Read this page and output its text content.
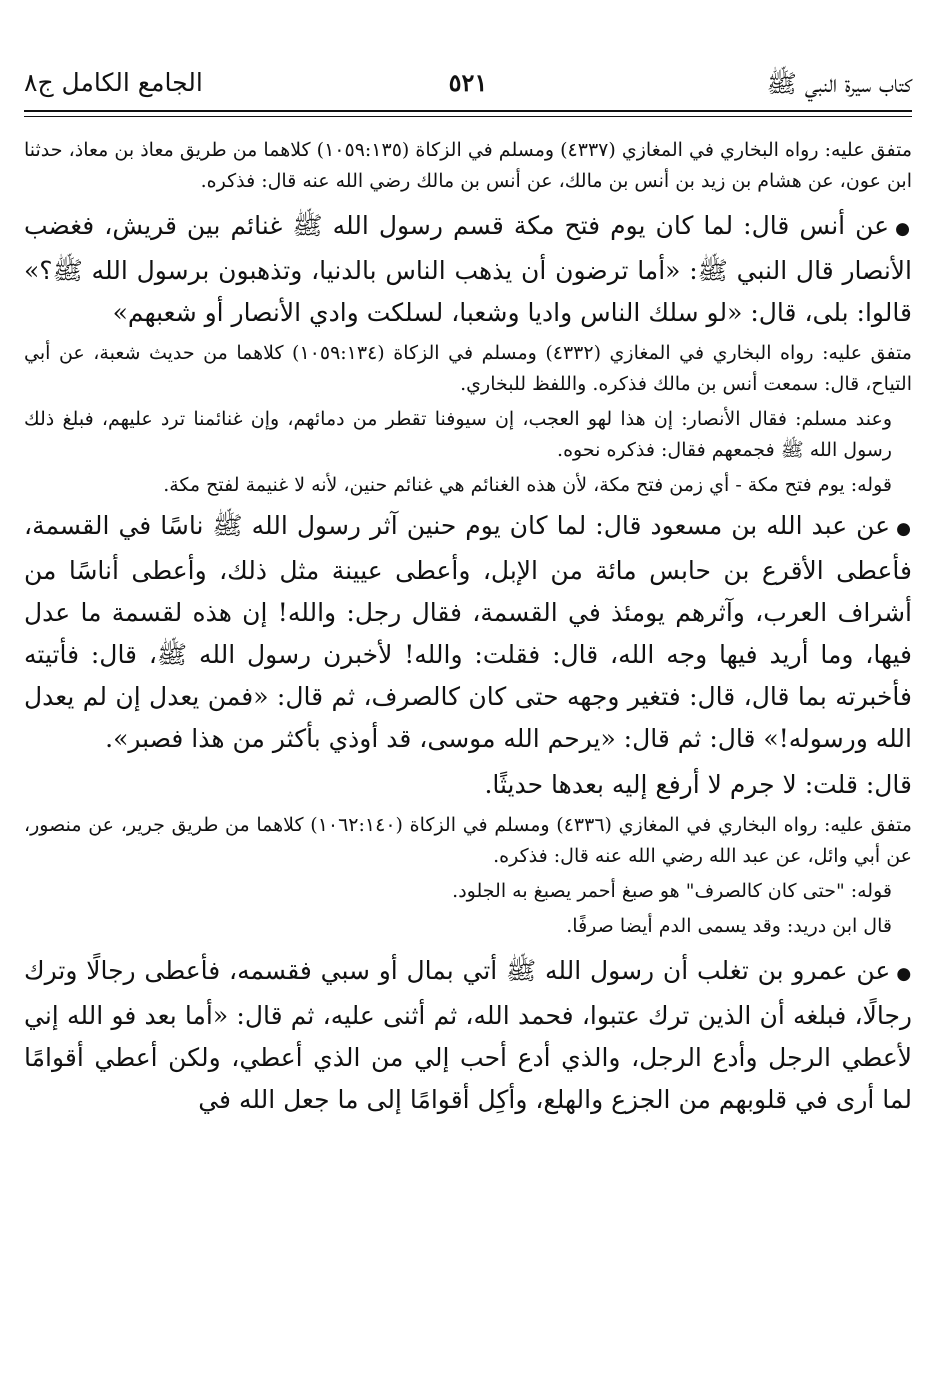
كتاب سيرة النبي ﷺ
٥٢١
الجامع الكامل ج٨

متفق عليه: رواه البخاري في المغازي (٤٣٣٧) ومسلم في الزكاة (١٠٥٩:١٣٥) كلاهما من طريق معاذ بن معاذ، حدثنا ابن عون، عن هشام بن زيد بن أنس بن مالك، عن أنس بن مالك رضي الله عنه قال: فذكره.

●عن أنس قال: لما كان يوم فتح مكة قسم رسول الله ﷺ غنائم بين قريش، فغضب الأنصار قال النبي ﷺ: «أما ترضون أن يذهب الناس بالدنيا، وتذهبون برسول الله ﷺ؟» قالوا: بلى، قال: «لو سلك الناس واديا وشعبا، لسلكت وادي الأنصار أو شعبهم»

متفق عليه: رواه البخاري في المغازي (٤٣٣٢) ومسلم في الزكاة (١٠٥٩:١٣٤) كلاهما من حديث شعبة، عن أبي التياح، قال: سمعت أنس بن مالك فذكره. واللفظ للبخاري.

وعند مسلم: فقال الأنصار: إن هذا لهو العجب، إن سيوفنا تقطر من دمائهم، وإن غنائمنا ترد عليهم، فبلغ ذلك رسول الله ﷺ فجمعهم فقال: فذكره نحوه.

قوله: يوم فتح مكة - أي زمن فتح مكة، لأن هذه الغنائم هي غنائم حنين، لأنه لا غنيمة لفتح مكة.

●عن عبد الله بن مسعود قال: لما كان يوم حنين آثر رسول الله ﷺ ناسًا في القسمة، فأعطى الأقرع بن حابس مائة من الإبل، وأعطى عيينة مثل ذلك، وأعطى أناسًا من أشراف العرب، وآثرهم يومئذ في القسمة، فقال رجل: والله! إن هذه لقسمة ما عدل فيها، وما أريد فيها وجه الله، قال: فقلت: والله! لأخبرن رسول الله ﷺ، قال: فأتيته فأخبرته بما قال، قال: فتغير وجهه حتى كان كالصرف، ثم قال: «فمن يعدل إن لم يعدل الله ورسوله!» قال: ثم قال: «يرحم الله موسى، قد أوذي بأكثر من هذا فصبر».

قال: قلت: لا جرم لا أرفع إليه بعدها حديثًا.

متفق عليه: رواه البخاري في المغازي (٤٣٣٦) ومسلم في الزكاة (١٠٦٢:١٤٠) كلاهما من طريق جرير، عن منصور، عن أبي وائل، عن عبد الله رضي الله عنه قال: فذكره.

قوله: "حتى كان كالصرف" هو صبغ أحمر يصبغ به الجلود.

قال ابن دريد: وقد يسمى الدم أيضا صرفًا.

●عن عمرو بن تغلب أن رسول الله ﷺ أتي بمال أو سبي فقسمه، فأعطى رجالًا وترك رجالًا، فبلغه أن الذين ترك عتبوا، فحمد الله، ثم أثنى عليه، ثم قال: «أما بعد فو الله إني لأعطي الرجل وأدع الرجل، والذي أدع أحب إلي من الذي أعطي، ولكن أعطي أقوامًا لما أرى في قلوبهم من الجزع والهلع، وأكِل أقوامًا إلى ما جعل الله في
